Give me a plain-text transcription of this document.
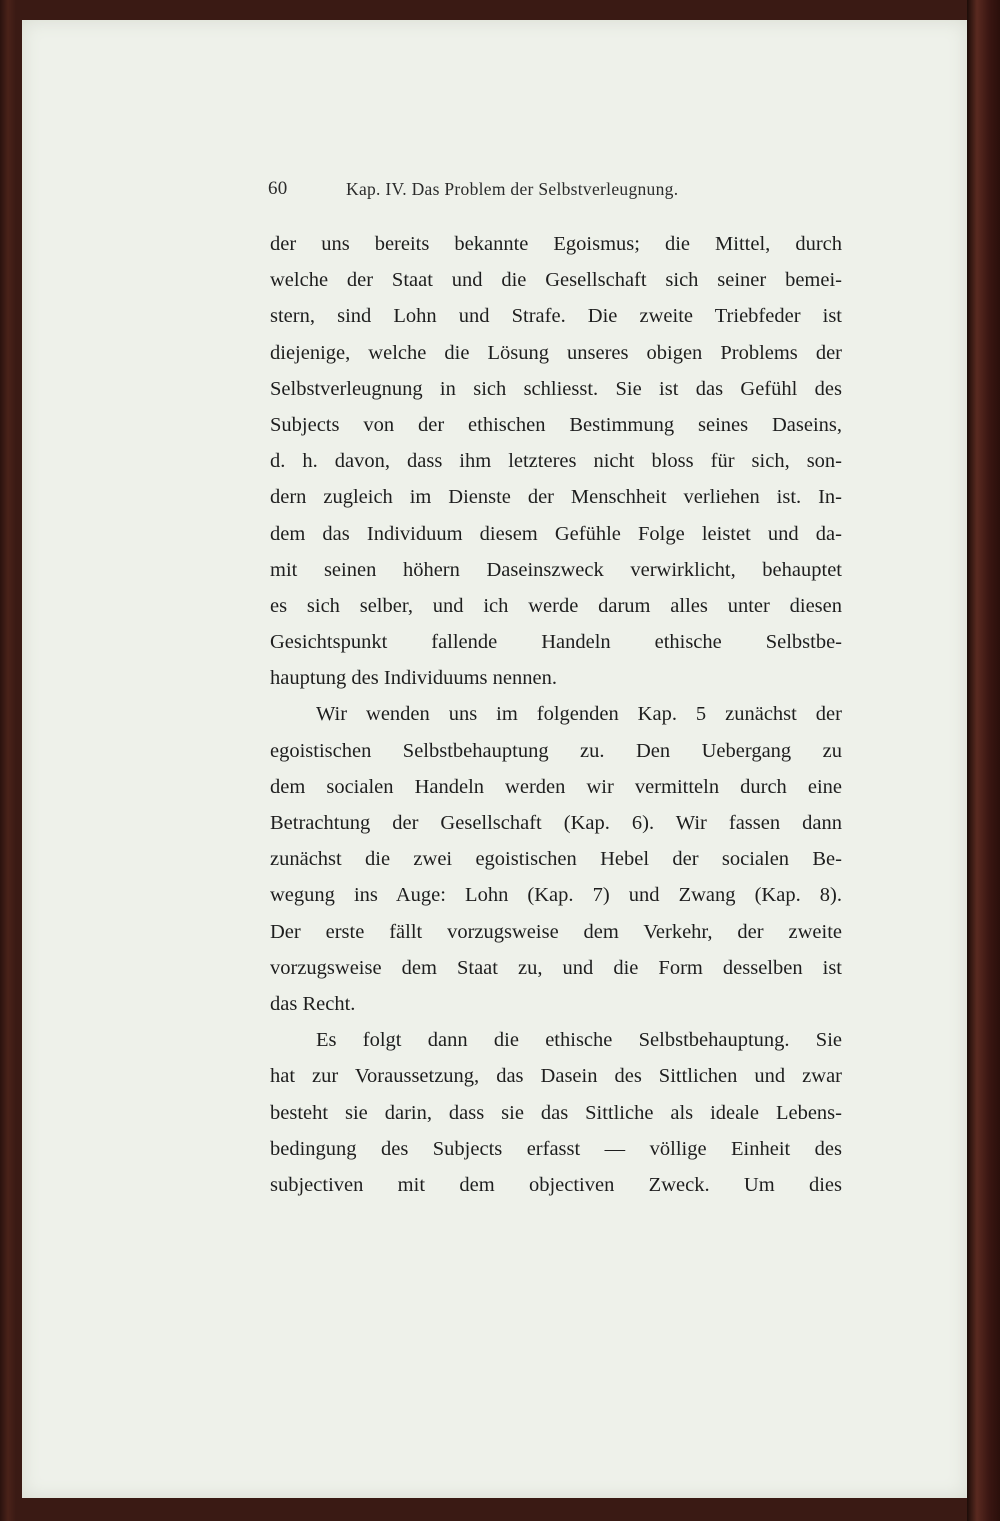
60	Kap. IV. Das Problem der Selbstverleugnung.
der uns bereits bekannte Egoismus; die Mittel, durch
welche der Staat und die Gesellschaft sich seiner bemei-
stern, sind Lohn und Strafe. Die zweite Triebfeder ist
diejenige, welche die Lösung unseres obigen Problems der
Selbstverleugnung in sich schliesst. Sie ist das Gefühl des
Subjects von der ethischen Bestimmung seines Daseins,
d. h. davon, dass ihm letzteres nicht bloss für sich, son-
dern zugleich im Dienste der Menschheit verliehen ist. In-
dem das Individuum diesem Gefühle Folge leistet und da-
mit seinen höhern Daseinszweck verwirklicht, behauptet
es sich selber, und ich werde darum alles unter diesen
Gesichtspunkt fallende Handeln ethische Selbstbe-
hauptung des Individuums nennen.
Wir wenden uns im folgenden Kap. 5 zunächst der
egoistischen Selbstbehauptung zu. Den Uebergang zu
dem socialen Handeln werden wir vermitteln durch eine
Betrachtung der Gesellschaft (Kap. 6). Wir fassen dann
zunächst die zwei egoistischen Hebel der socialen Be-
wegung ins Auge: Lohn (Kap. 7) und Zwang (Kap. 8).
Der erste fällt vorzugsweise dem Verkehr, der zweite
vorzugsweise dem Staat zu, und die Form desselben ist
das Recht.
Es folgt dann die ethische Selbstbehauptung. Sie
hat zur Voraussetzung, das Dasein des Sittlichen und zwar
besteht sie darin, dass sie das Sittliche als ideale Lebens-
bedingung des Subjects erfasst — völlige Einheit des
subjectiven mit dem objectiven Zweck. Um dies
